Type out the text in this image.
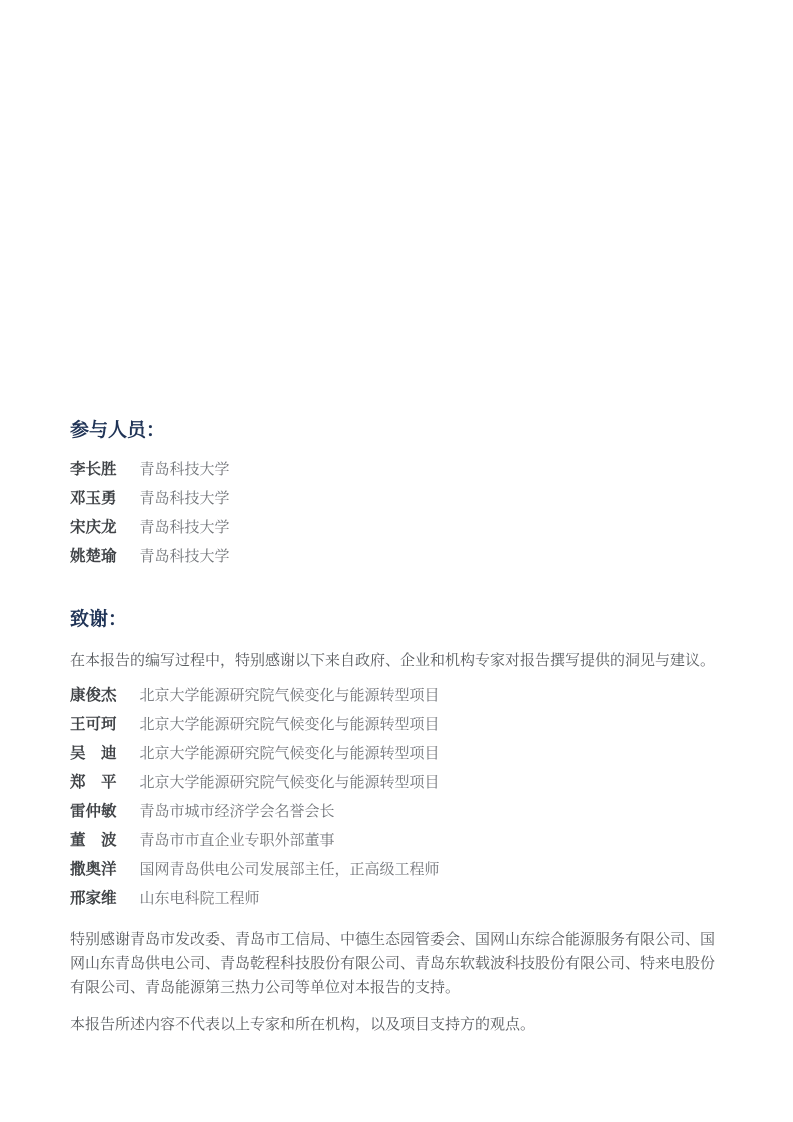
参与人员：
李长胜 青岛科技大学
邓玉勇 青岛科技大学
宋庆龙 青岛科技大学
姚楚瑜 青岛科技大学
致谢：

在本报告的编写过程中，特别感谢以下来自政府、企业和机构专家对报告撰写提供的洞见与建议。

康俊杰 北京大学能源研究院气候变化与能源转型项目
王可珂 北京大学能源研究院气候变化与能源转型项目
吴　迪 北京大学能源研究院气候变化与能源转型项目
郑　平 北京大学能源研究院气候变化与能源转型项目
雷仲敏 青岛市城市经济学会名誉会长
董　波 青岛市市直企业专职外部董事
撒奥洋 国网青岛供电公司发展部主任，正高级工程师
邢家维 山东电科院工程师

特别感谢青岛市发改委、青岛市工信局、中德生态园管委会、国网山东综合能源服务有限公司、国网山东青岛供电公司、青岛乾程科技股份有限公司、青岛东软载波科技股份有限公司、特来电股份有限公司、青岛能源第三热力公司等单位对本报告的支持。

本报告所述内容不代表以上专家和所在机构，以及项目支持方的观点。
